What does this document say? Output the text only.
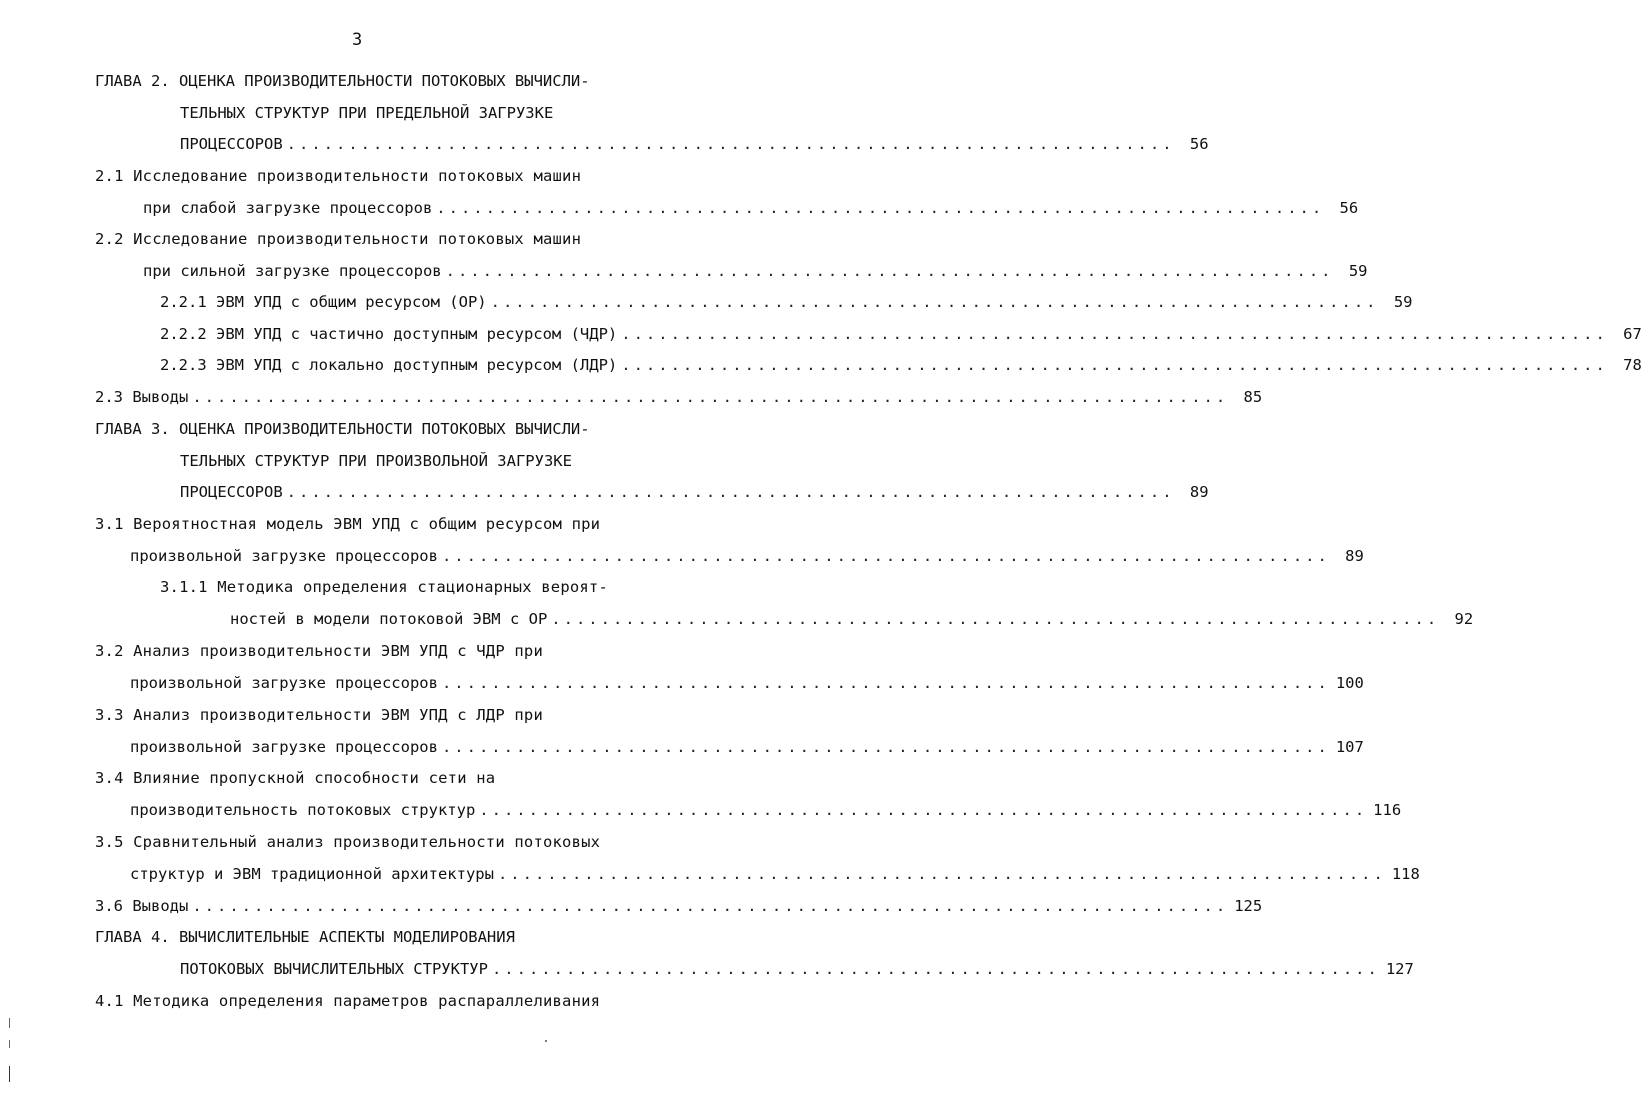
3
ГЛАВА 2. ОЦЕНКА ПРОИЗВОДИТЕЛЬНОСТИ ПОТОКОВЫХ ВЫЧИСЛИ-
ТЕЛЬНЫХ СТРУКТУР ПРИ ПРЕДЕЛЬНОЙ ЗАГРУЗКЕ
ПРОЦЕССОРОВ ........................................................................ 56
2.1 Исследование производительности потоковых машин
при слабой загрузке процессоров ........................................................................ 56
2.2 Исследование производительности потоковых машин
при сильной загрузке процессоров ........................................................................ 59
2.2.1 ЭВМ УПД с общим ресурсом (ОР) ........................................................................ 59
2.2.2 ЭВМ УПД с частично доступным ресурсом (ЧДР) ................................................................................ 67
2.2.3 ЭВМ УПД с локально доступным ресурсом (ЛДР) ................................................................................ 78
2.3 Выводы .................................................................................... 85
ГЛАВА 3. ОЦЕНКА ПРОИЗВОДИТЕЛЬНОСТИ ПОТОКОВЫХ ВЫЧИСЛИ-
ТЕЛЬНЫХ СТРУКТУР ПРИ ПРОИЗВОЛЬНОЙ ЗАГРУЗКЕ
ПРОЦЕССОРОВ ........................................................................ 89
3.1 Вероятностная модель ЭВМ УПД с общим ресурсом при
произвольной загрузке процессоров ........................................................................ 89
3.1.1 Методика определения стационарных вероят-
ностей в модели потоковой ЭВМ с ОР ........................................................................ 92
3.2 Анализ производительности ЭВМ УПД с ЧДР при
произвольной загрузке процессоров ........................................................................ 100
3.3 Анализ производительности ЭВМ УПД с ЛДР при
произвольной загрузке процессоров ........................................................................ 107
3.4 Влияние пропускной способности сети на
производительность потоковых структур ........................................................................ 116
3.5 Сравнительный анализ производительности потоковых
структур и ЭВМ традиционной архитектуры ........................................................................ 118
3.6 Выводы .................................................................................... 125
ГЛАВА 4. ВЫЧИСЛИТЕЛЬНЫЕ АСПЕКТЫ МОДЕЛИРОВАНИЯ
ПОТОКОВЫХ ВЫЧИСЛИТЕЛЬНЫХ СТРУКТУР ........................................................................ 127
4.1 Методика определения параметров распараллеливания
